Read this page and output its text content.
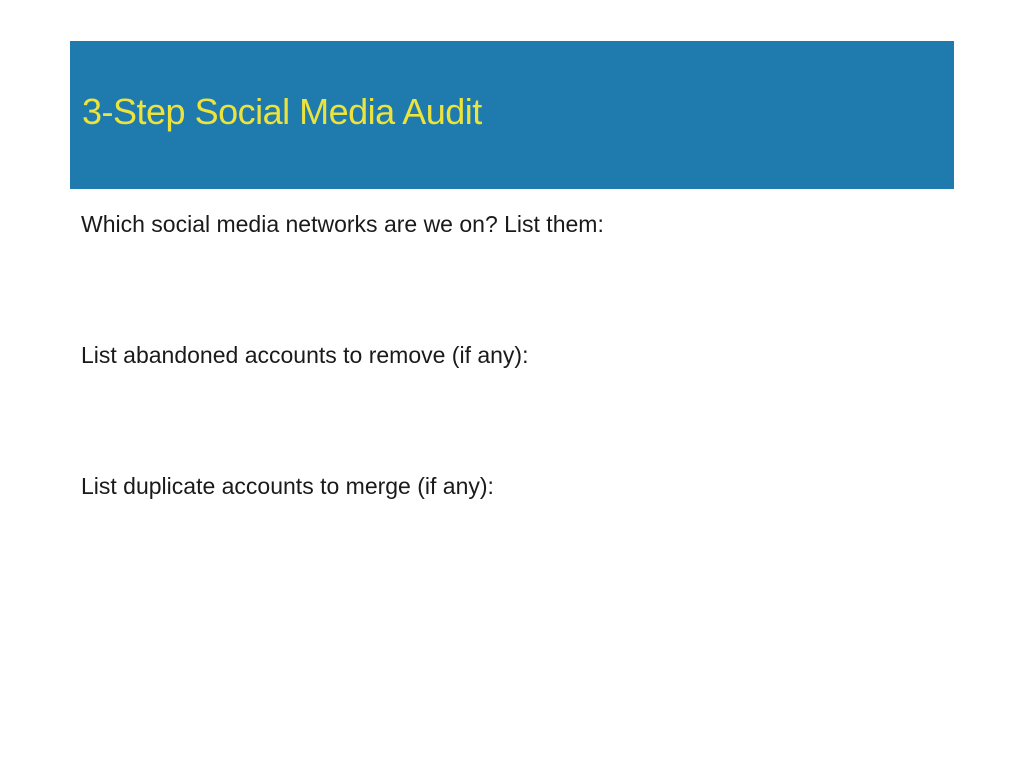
3-Step Social Media Audit

Which social media networks are we on? List them:

List abandoned accounts to remove (if any):

List duplicate accounts to merge (if any):
